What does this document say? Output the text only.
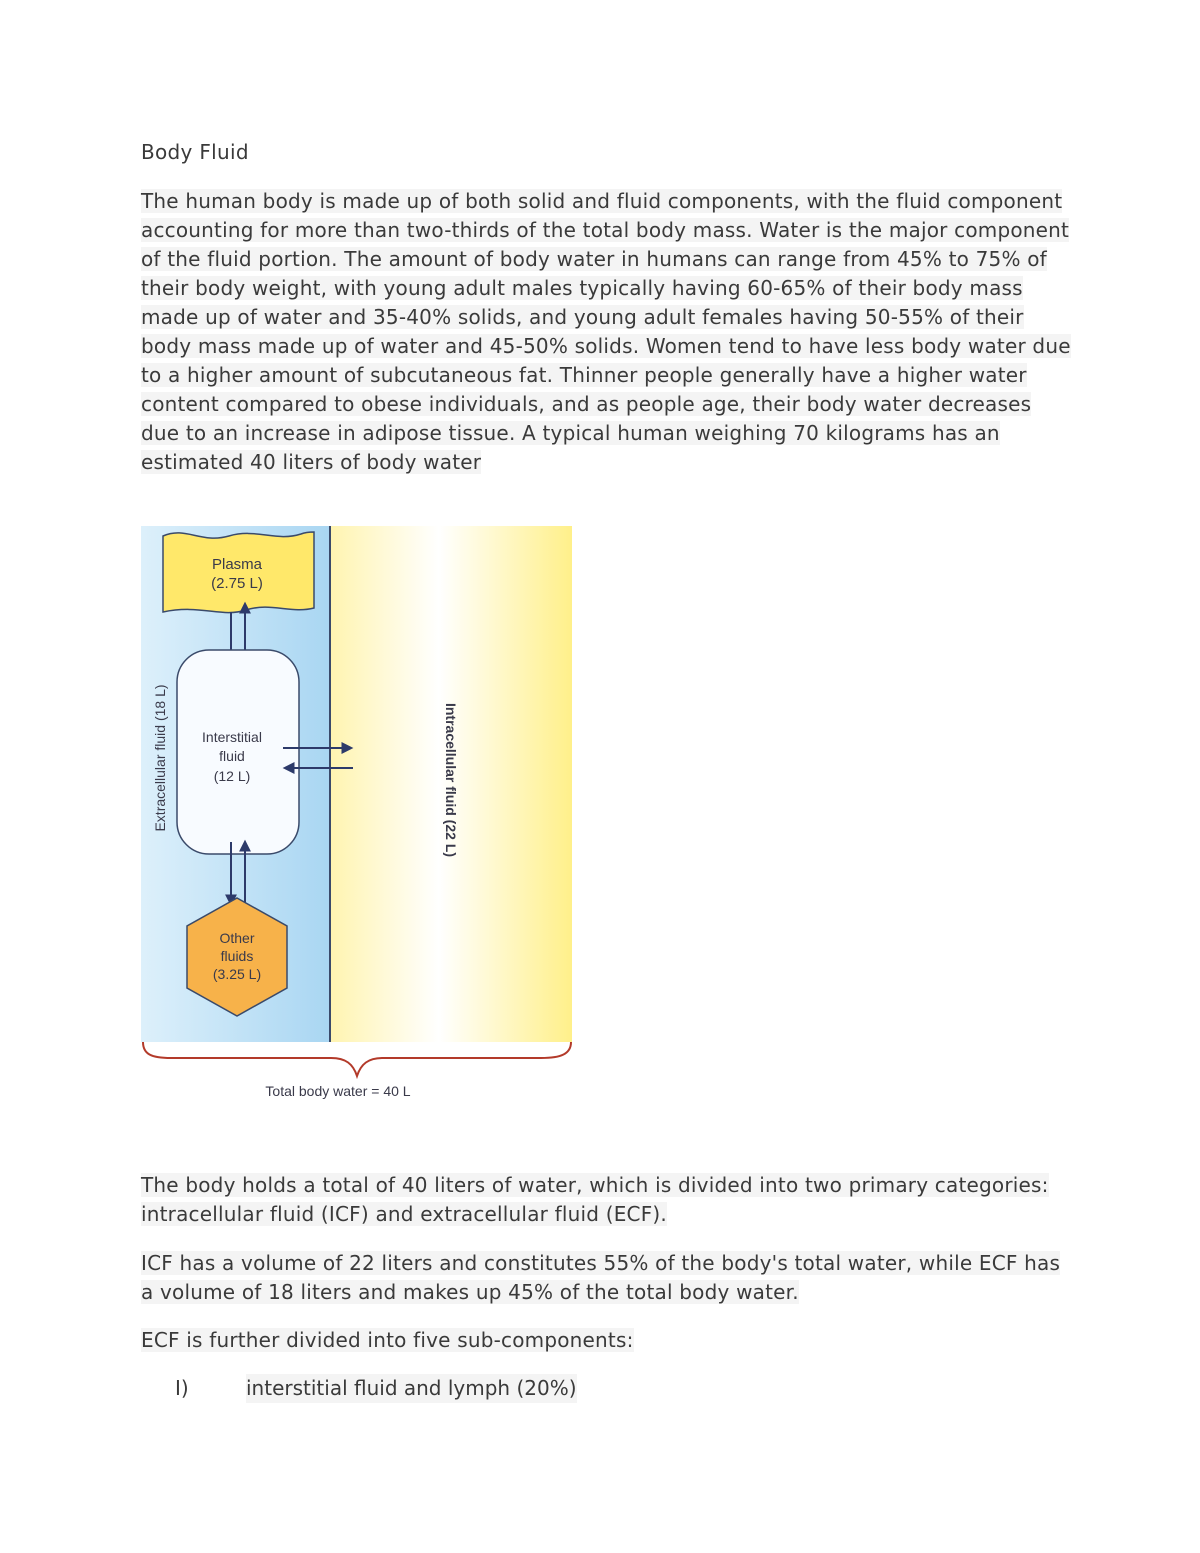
Body Fluid
The human body is made up of both solid and fluid components, with the fluid component accounting for more than two-thirds of the total body mass. Water is the major component of the fluid portion. The amount of body water in humans can range from 45% to 75% of their body weight, with young adult males typically having 60-65% of their body mass made up of water and 35-40% solids, and young adult females having 50-55% of their body mass made up of water and 45-50% solids. Women tend to have less body water due to a higher amount of subcutaneous fat. Thinner people generally have a higher water content compared to obese individuals, and as people age, their body water decreases due to an increase in adipose tissue. A typical human weighing 70 kilograms has an estimated 40 liters of body water
Plasma
(2.75 L)
Interstitial
fluid
(12 L)
Other
fluids
(3.25 L)
Extracellular fluid (18 L)	Intracellular fluid (22 L)
Total body water = 40 L
The body holds a total of 40 liters of water, which is divided into two primary categories: intracellular fluid (ICF) and extracellular fluid (ECF).
ICF has a volume of 22 liters and constitutes 55% of the body's total water, while ECF has a volume of 18 liters and makes up 45% of the total body water.
ECF is further divided into five sub-components:
I)	interstitial fluid and lymph (20%)
